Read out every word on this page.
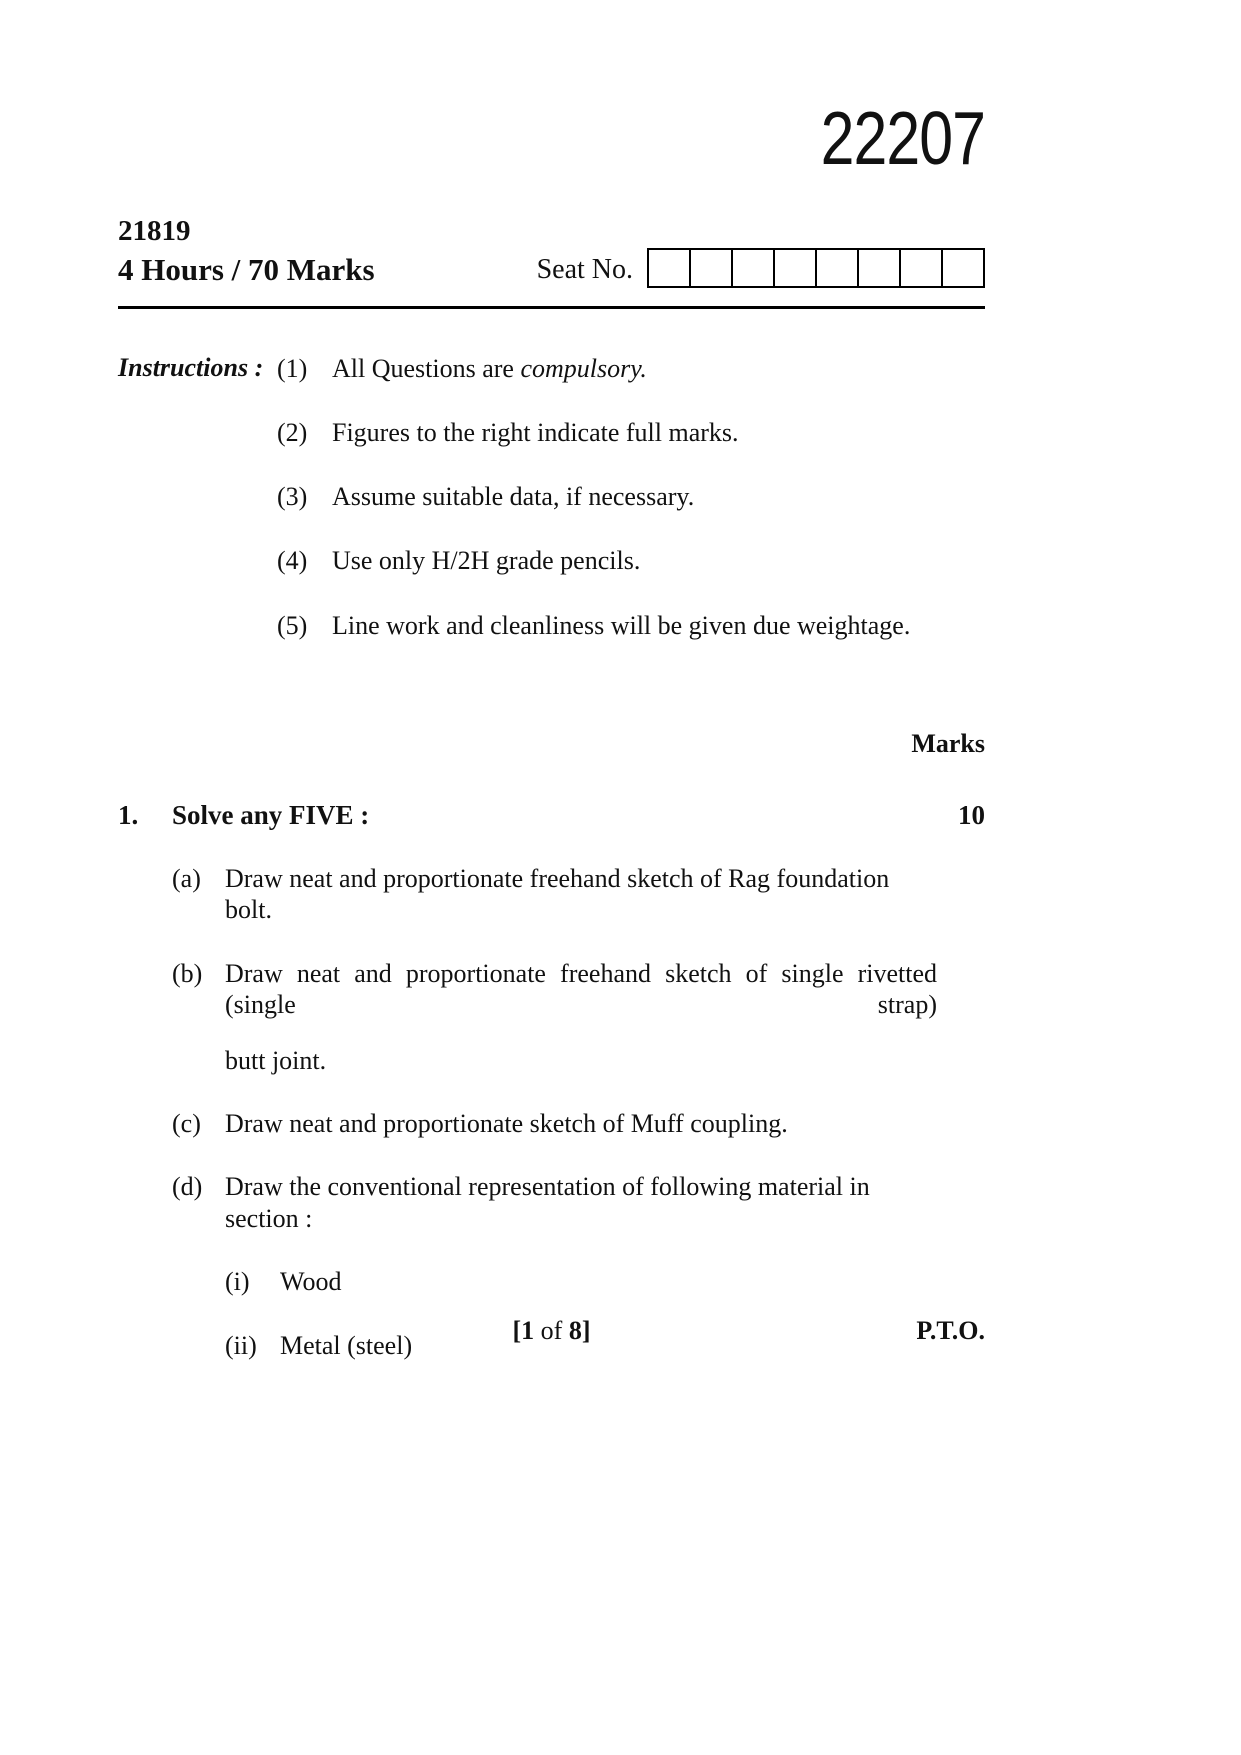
22207
21819
4 Hours / 70 Marks	Seat No.
Instructions : (1) All Questions are compulsory.
(2) Figures to the right indicate full marks.
(3) Assume suitable data, if necessary.
(4) Use only H/2H grade pencils.
(5) Line work and cleanliness will be given due weightage.
Marks
1.	Solve any FIVE :	10
(a) Draw neat and proportionate freehand sketch of Rag foundation bolt.
(b) Draw neat and proportionate freehand sketch of single rivetted (single strap)
butt joint.
(c) Draw neat and proportionate sketch of Muff coupling.
(d) Draw the conventional representation of following material in section :
(i)	Wood
(ii) Metal (steel)
[1 of 8]	P.T.O.
